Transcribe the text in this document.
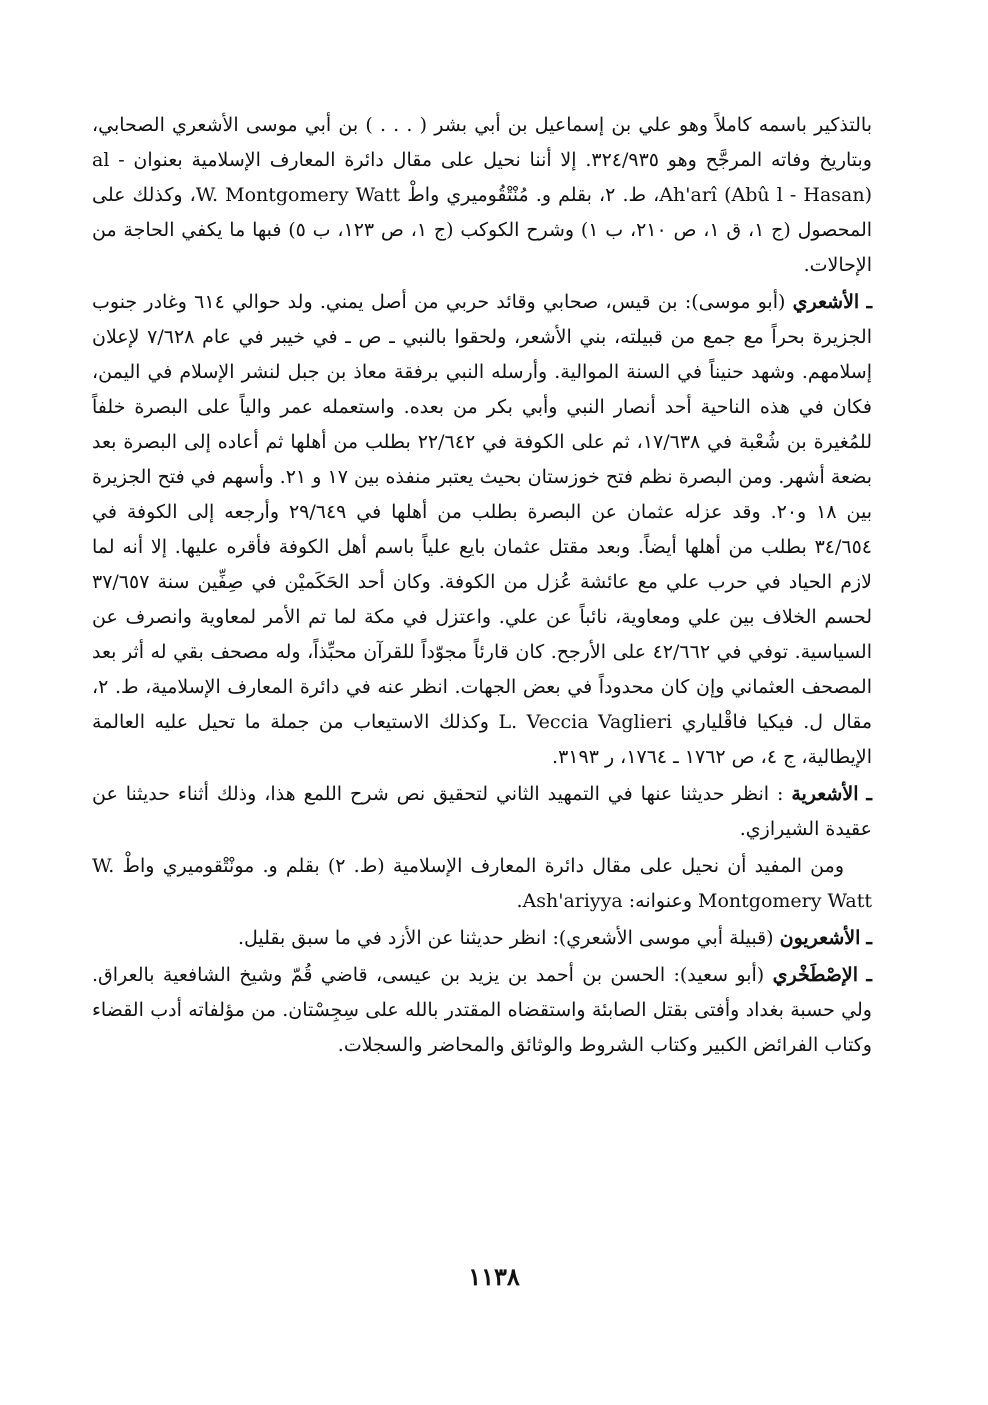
بالتذكير باسمه كاملاً وهو علي بن إسماعيل بن أبي بشر ( . . . ) بن أبي موسى الأشعري الصحابي، وبتاريخ وفاته المرجَّح وهو ٣٢٤/٩٣٥. إلا أننا نحيل على مقال دائرة المعارف الإسلامية بعنوان al - Ah'arî (Abû l - Hasan)، ط. ٢، بقلم و. مُنْتْقُوميري واطْ W. Montgomery Watt، وكذلك على المحصول (ج ١، ق ١، ص ٢١٠، ب ١) وشرح الكوكب (ج ١، ص ١٢٣، ب ٥) فبها ما يكفي الحاجة من الإحالات.

ـ الأشعري (أبو موسى): بن قيس، صحابي وقائد حربي من أصل يمني. ولد حوالي ٦١٤ وغادر جنوب الجزيرة بحراً مع جمع من قبيلته، بني الأشعر، ولحقوا بالنبي ـ ص ـ في خيبر في عام ٧/٦٢٨ لإعلان إسلامهم. وشهد حنيناً في السنة الموالية. وأرسله النبي برفقة معاذ بن جبل لنشر الإسلام في اليمن، فكان في هذه الناحية أحد أنصار النبي وأبي بكر من بعده. واستعمله عمر والياً على البصرة خلفاً للمُغيرة بن شُعْبة في ١٧/٦٣٨، ثم على الكوفة في ٢٢/٦٤٢ بطلب من أهلها ثم أعاده إلى البصرة بعد بضعة أشهر. ومن البصرة نظم فتح خوزستان بحيث يعتبر منفذه بين ١٧ و ٢١. وأسهم في فتح الجزيرة بين ١٨ و٢٠. وقد عزله عثمان عن البصرة بطلب من أهلها في ٢٩/٦٤٩ وأرجعه إلى الكوفة في ٣٤/٦٥٤ بطلب من أهلها أيضاً. وبعد مقتل عثمان بايع علياً باسم أهل الكوفة فأقره عليها. إلا أنه لما لازم الحياد في حرب علي مع عائشة عُزل من الكوفة. وكان أحد الحَكَميْن في صِفِّين سنة ٣٧/٦٥٧ لحسم الخلاف بين علي ومعاوية، نائباً عن علي. واعتزل في مكة لما تم الأمر لمعاوية وانصرف عن السياسية. توفي في ٤٢/٦٦٢ على الأرجح. كان قارئاً مجوّداً للقرآن محبِّذاً، وله مصحف بقي له أثر بعد المصحف العثماني وإن كان محدوداً في بعض الجهات. انظر عنه في دائرة المعارف الإسلامية، ط. ٢، مقال ل. فيكيا فاقْلياري L. Veccia Vaglieri وكذلك الاستيعاب من جملة ما تحيل عليه العالمة الإيطالية، ج ٤، ص ١٧٦٢ ـ ١٧٦٤، ر ٣١٩٣.

ـ الأشعرية : انظر حديثنا عنها في التمهيد الثاني لتحقيق نص شرح اللمع هذا، وذلك أثناء حديثنا عن عقيدة الشيرازي.

ومن المفيد أن نحيل على مقال دائرة المعارف الإسلامية (ط. ٢) بقلم و. مونْتْقوميري واطْ W. Montgomery Watt وعنوانه: Ash'ariyya.

ـ الأشعريون (قبيلة أبي موسى الأشعري): انظر حديثنا عن الأزد في ما سبق بقليل.

ـ الإصْطَخْري (أبو سعيد): الحسن بن أحمد بن يزيد بن عيسى، قاضي قُمّ وشيخ الشافعية بالعراق. ولي حسبة بغداد وأفتى بقتل الصابئة واستقضاه المقتدر بالله على سِجِسْتان. من مؤلفاته أدب القضاء وكتاب الفرائض الكبير وكتاب الشروط والوثائق والمحاضر والسجلات.

١١٣٨
